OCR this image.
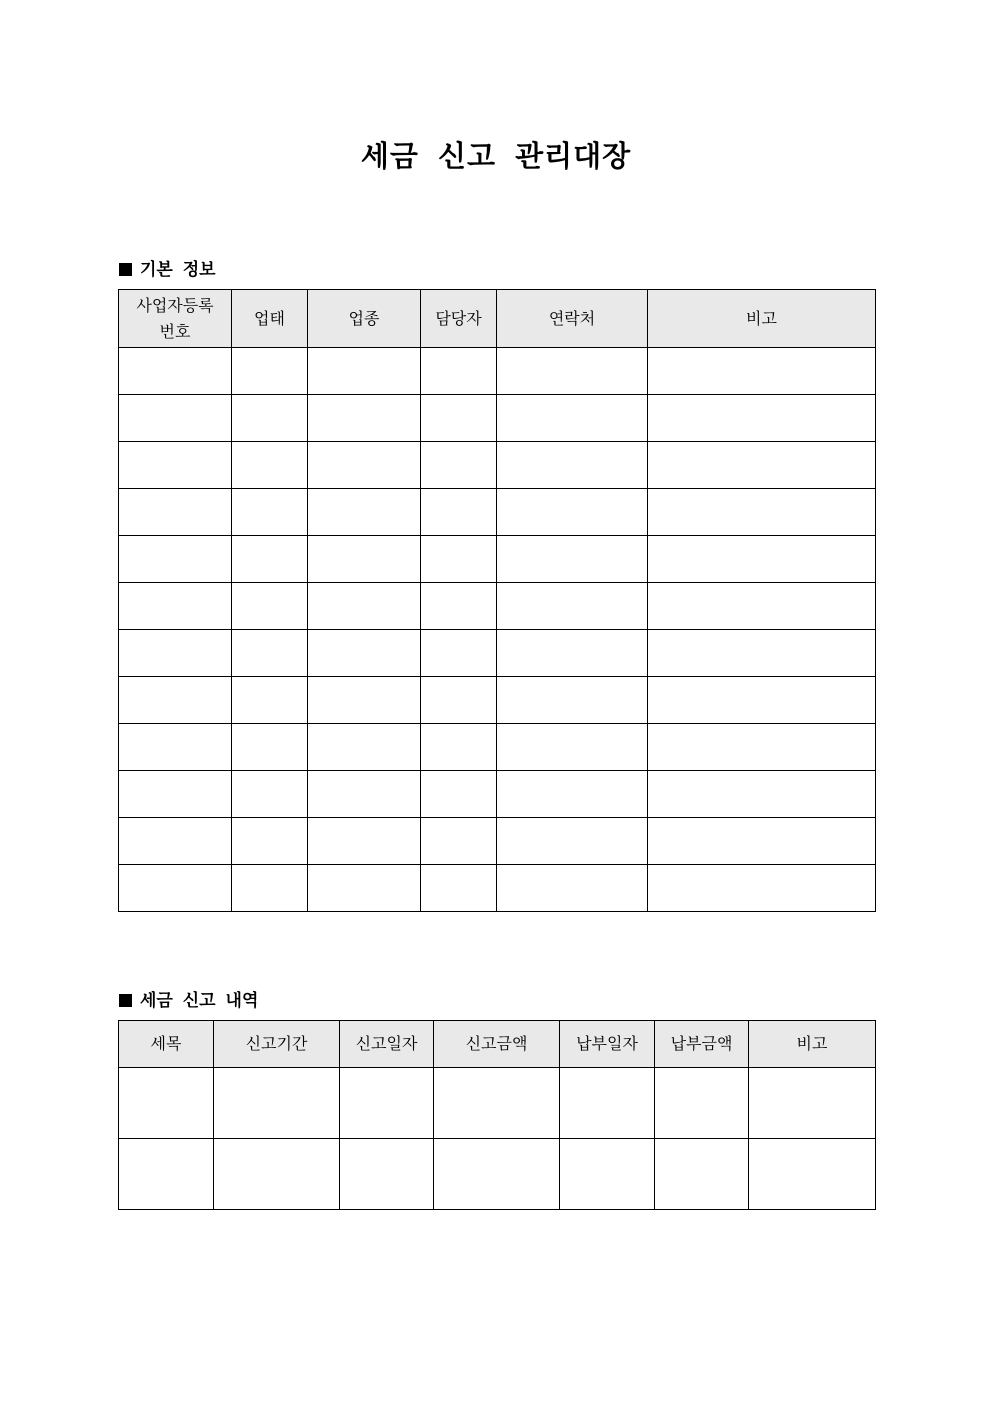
세금 신고 관리대장
기본 정보
사업자등록
번호	업태	업종	담당자	연락처	비고

세금 신고 내역
세목	신고기간	신고일자	신고금액	납부일자	납부금액	비고
